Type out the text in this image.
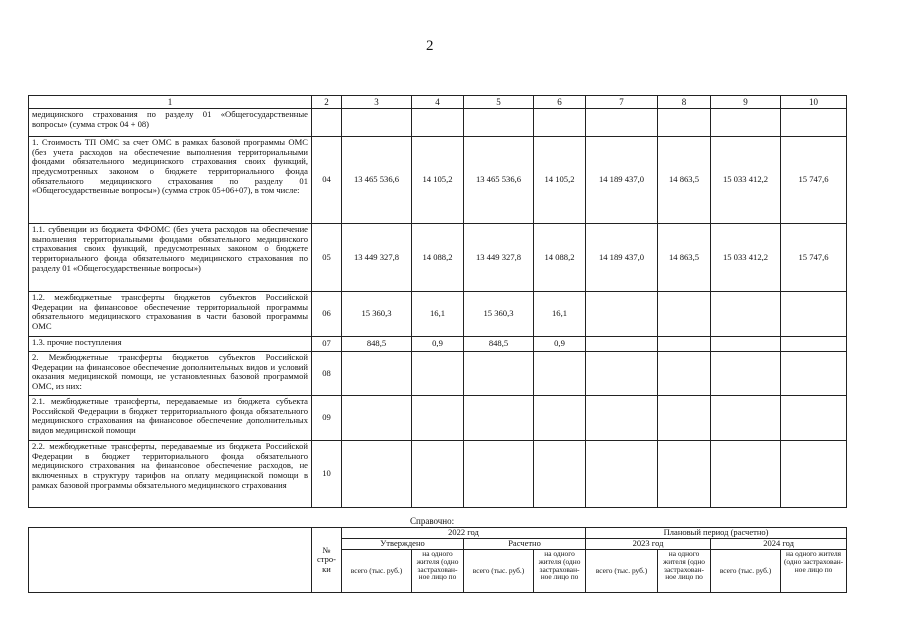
2
1	2	3	4	5	6	7	8	9	10
медицинского страхования по разделу 01 «Общегосударственные вопросы» (сумма строк 04 + 08)									
1. Стоимость ТП ОМС за счет ОМС в рамках базовой программы ОМС (без учета расходов на обеспечение выполнения территориальными фондами обязательного медицинского страхования своих функций, предусмотренных законом о бюджете территориального фонда обязательного медицинского страхования по разделу 01 «Общегосударственные вопросы») (сумма строк 05+06+07), в том числе:	04	13 465 536,6	14 105,2	13 465 536,6	14 105,2	14 189 437,0	14 863,5	15 033 412,2	15 747,6
1.1. субвенции из бюджета ФФОМС (без учета расходов на обеспечение выполнения территориальными фондами обязательного медицинского страхования своих функций, предусмотренных законом о бюджете территориального фонда обязательного медицинского страхования по разделу 01 «Общегосударственные вопросы»)	05	13 449 327,8	14 088,2	13 449 327,8	14 088,2	14 189 437,0	14 863,5	15 033 412,2	15 747,6
1.2. межбюджетные трансферты бюджетов субъектов Российской Федерации на финансовое обеспечение территориальной программы обязательного медицинского страхования в части базовой программы ОМС	06	15 360,3	16,1	15 360,3	16,1				
1.3. прочие поступления	07	848,5	0,9	848,5	0,9				
2. Межбюджетные трансферты бюджетов субъектов Российской Федерации на финансовое обеспечение дополнительных видов и условий оказания медицинской помощи, не установленных базовой программой ОМС, из них:	08								
2.1. межбюджетные трансферты, передаваемые из бюджета субъекта Российской Федерации в бюджет территориального фонда обязательного медицинского страхования на финансовое обеспечение дополнительных видов медицинской помощи	09								
2.2. межбюджетные трансферты, передаваемые из бюджета Российской Федерации в бюджет территориального фонда обязательного медицинского страхования на финансовое обеспечение расходов, не включенных в структуру тарифов на оплату медицинской помощи в рамках базовой программы обязательного медицинского страхования	10								
Справочно:
	№ стро-ки	2022 год				Плановый период (расчетно)			
		Утверждено		Расчетно		2023 год		2024 год	
		всего (тыс. руб.)	на одного жителя (одно застрахован-ное лицо по	всего (тыс. руб.)	на одного жителя (одно застрахован-ное лицо по	всего (тыс. руб.)	на одного жителя (одно застрахован-ное лицо по	всего (тыс. руб.)	на одного жителя (одно застрахован-ное лицо по
